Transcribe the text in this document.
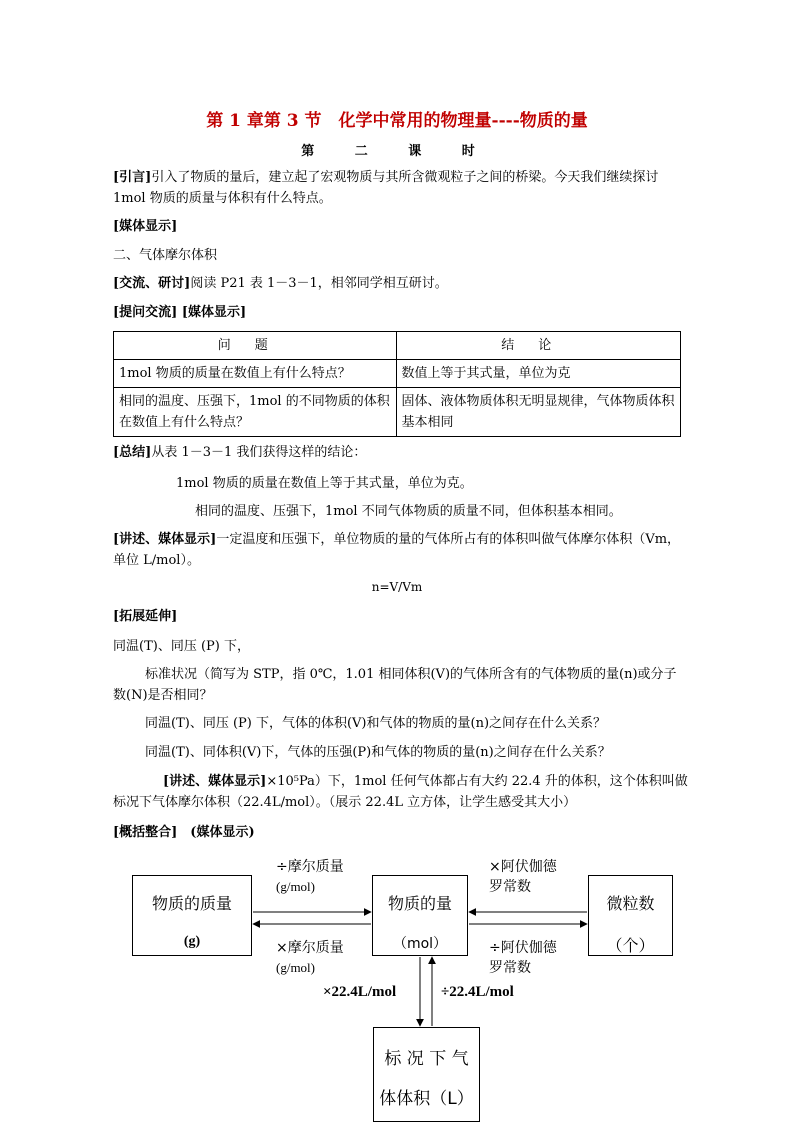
第 1 章第 3 节　化学中常用的物理量----物质的量
第 二 课 时
[引言]引入了物质的量后，建立起了宏观物质与其所含微观粒子之间的桥梁。今天我们继续探讨 1mol 物质的质量与体积有什么特点。
[媒体显示]
二、气体摩尔体积
[交流、研讨]阅读 P21 表 1－3－1，相邻同学相互研讨。
[提问交流] [媒体显示]
问题	结论
1mol 物质的质量在数值上有什么特点？	数值上等于其式量，单位为克
相同的温度、压强下，1mol 的不同物质的体积在数值上有什么特点？	固体、液体物质体积无明显规律，气体物质体积基本相同
[总结]从表 1－3－1 我们获得这样的结论：
1mol 物质的质量在数值上等于其式量，单位为克。
相同的温度、压强下，1mol 不同气体物质的质量不同，但体积基本相同。
[讲述、媒体显示]一定温度和压强下，单位物质的量的气体所占有的体积叫做气体摩尔体积（Vm，单位 L/mol）。
n=V/Vm
[拓展延伸]
同温(T)、同压 (P) 下，
标准状况（简写为 STP，指 0℃，1.01 相同体积(V)的气体所含有的气体物质的量(n)或分子数(N)是否相同？
同温(T)、同压 (P) 下，气体的体积(V)和气体的物质的量(n)之间存在什么关系？
同温(T)、同体积(V)下，气体的压强(P)和气体的物质的量(n)之间存在什么关系？
[讲述、媒体显示]×10⁵Pa）下，1mol 任何气体都占有大约 22.4 升的体积，这个体积叫做标况下气体摩尔体积（22.4L/mol）。（展示 22.4L 立方体，让学生感受其大小）
[概括整合]　(媒体显示)
物质的质量
(g)
物质的量
（mol）
微粒数
（个）
标 况 下 气
体体积（L）
÷摩尔质量
(g/mol)
×摩尔质量
(g/mol)
×阿伏伽德
罗常数
÷阿伏伽德
罗常数
×22.4L/mol	÷22.4L/mol
